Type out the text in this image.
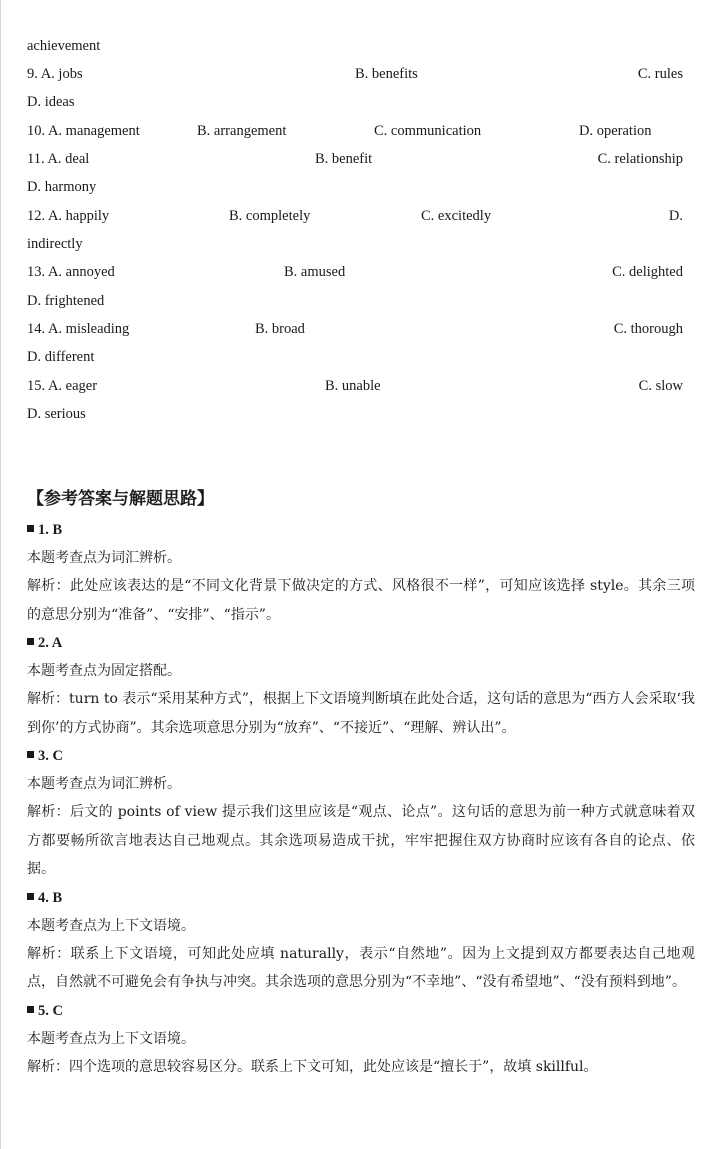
achievement
9. A. jobs	B. benefits	C. rules
D. ideas
10. A. management	B. arrangement	C. communication	D. operation
11. A. deal	B. benefit	C. relationship
D. harmony
12. A. happily	B. completely	C. excitedly	D.
indirectly
13. A. annoyed	B. amused	C. delighted
D. frightened
14. A. misleading	B. broad	C. thorough
D. different
15. A. eager	B. unable	C. slow
D. serious
【参考答案与解题思路】
1. B
本题考查点为词汇辨析。
解析：此处应该表达的是“不同文化背景下做决定的方式、风格很不一样”，可知应该选择 style。其余三项的意思分别为“准备”、“安排”、“指示”。
2. A
本题考查点为固定搭配。
解析：turn to 表示“采用某种方式”，根据上下文语境判断填在此处合适，这句话的意思为“西方人会采取‘我到你’的方式协商”。其余选项意思分别为“放弃”、“不接近”、“理解、辨认出”。
3. C
本题考查点为词汇辨析。
解析：后文的 points of view 提示我们这里应该是“观点、论点”。这句话的意思为前一种方式就意味着双方都要畅所欲言地表达自己地观点。其余选项易造成干扰，牢牢把握住双方协商时应该有各自的论点、依据。
4. B
本题考查点为上下文语境。
解析：联系上下文语境，可知此处应填 naturally，表示“自然地”。因为上文提到双方都要表达自己地观点，自然就不可避免会有争执与冲突。其余选项的意思分别为“不幸地”、“没有希望地”、“没有预料到地”。
5. C
本题考查点为上下文语境。
解析：四个选项的意思较容易区分。联系上下文可知，此处应该是“擅长于”，故填 skillful。
